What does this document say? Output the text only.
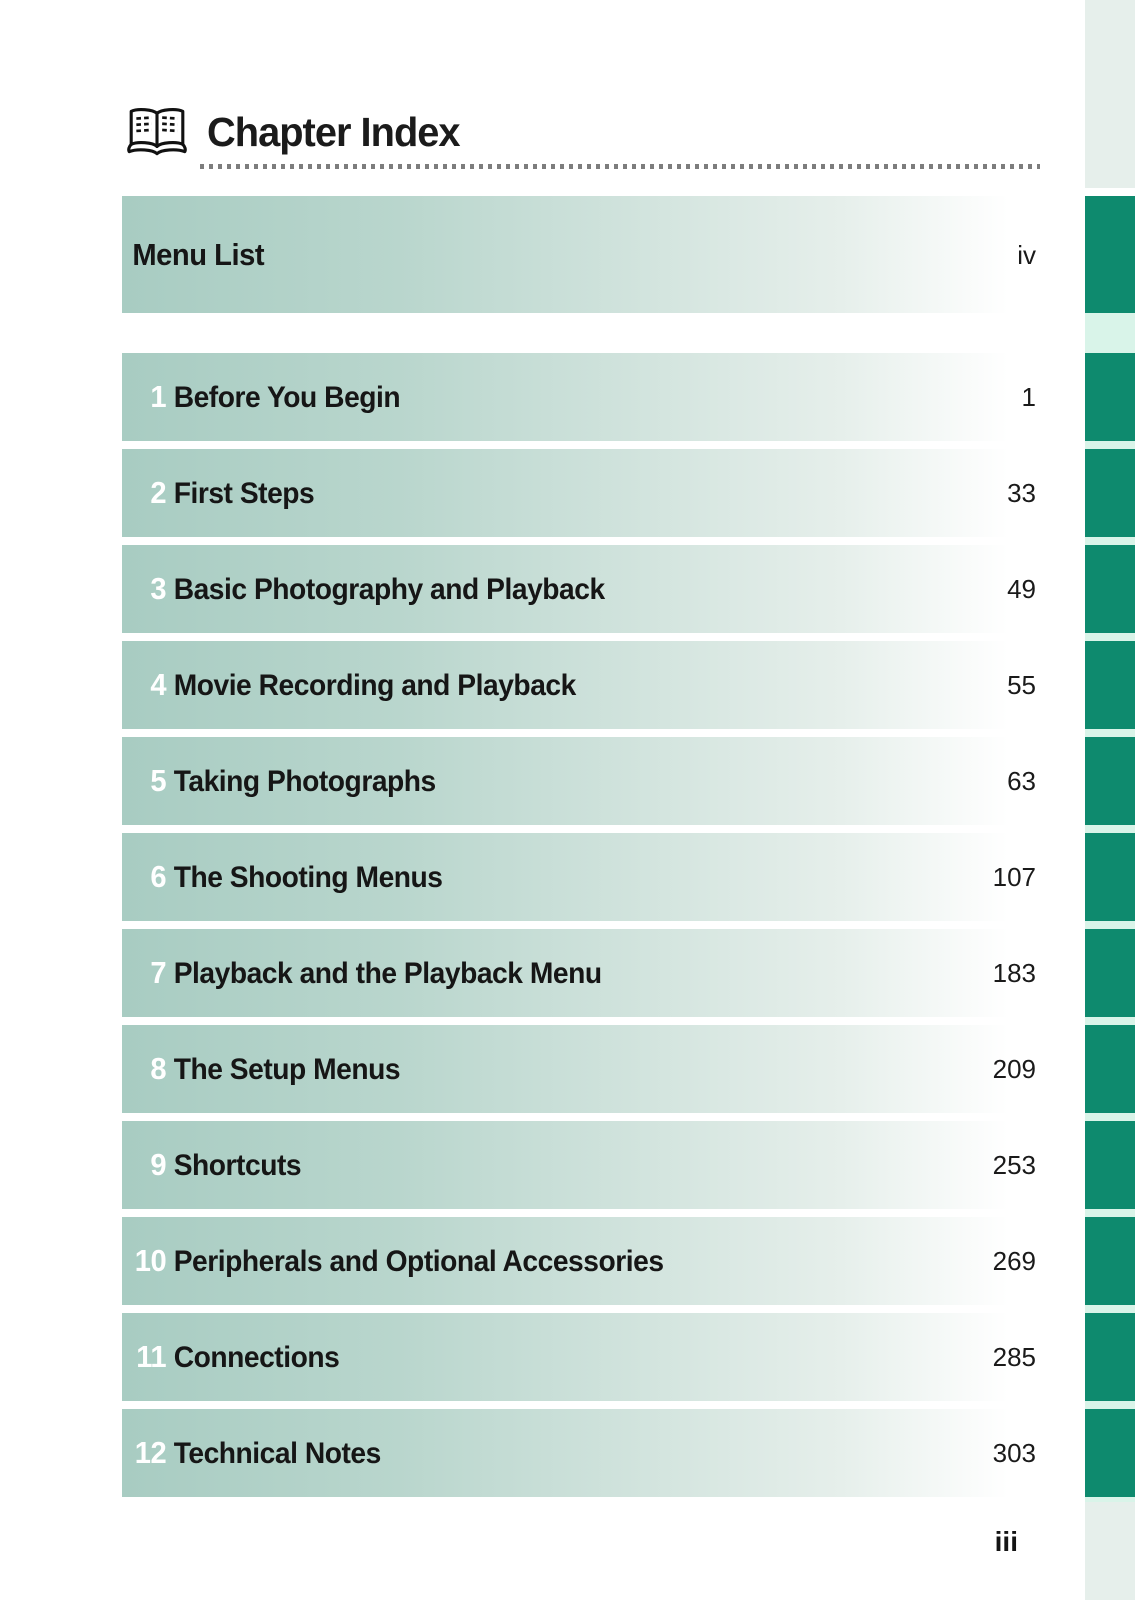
Chapter Index
Menu List	iv
1 Before You Begin	1
2 First Steps	33
3 Basic Photography and Playback	49
4 Movie Recording and Playback	55
5 Taking Photographs	63
6 The Shooting Menus	107
7 Playback and the Playback Menu	183
8 The Setup Menus	209
9 Shortcuts	253
10 Peripherals and Optional Accessories	269
11 Connections	285
12 Technical Notes	303
iii
